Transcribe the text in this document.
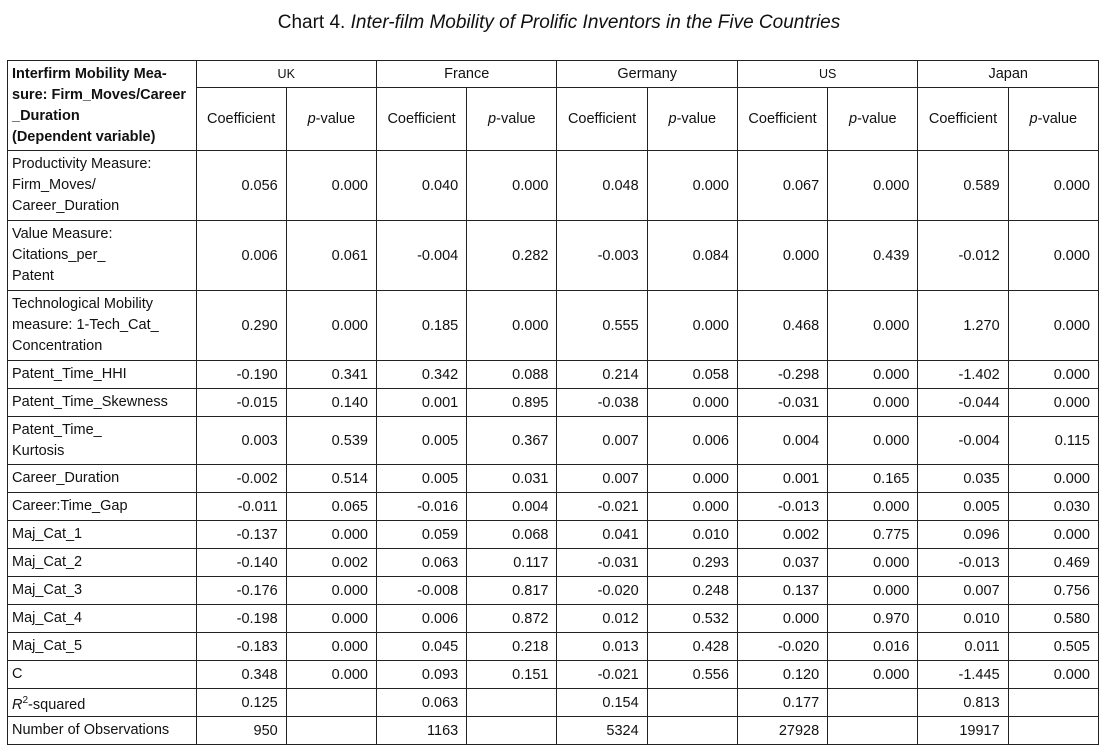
Chart 4. Inter-film Mobility of Prolific Inventors in the Five Countries
Interfirm Mobility Mea-
sure: Firm_Moves/Career
_Duration
(Dependent variable)	UK		France		Germany		US		Japan	
	Coefficient	p-value	Coefficient	p-value	Coefficient	p-value	Coefficient	p-value	Coefficient	p-value

Productivity Measure:
Firm_Moves/
Career_Duration	0.056	0.000	0.040	0.000	0.048	0.000	0.067	0.000	0.589	0.000

Value Measure:
Citations_per_
Patent	0.006	0.061	-0.004	0.282	-0.003	0.084	0.000	0.439	-0.012	0.000

Technological Mobility
measure: 1-Tech_Cat_
Concentration	0.290	0.000	0.185	0.000	0.555	0.000	0.468	0.000	1.270	0.000

Patent_Time_HHI	-0.190	0.341	0.342	0.088	0.214	0.058	-0.298	0.000	-1.402	0.000

Patent_Time_Skewness	-0.015	0.140	0.001	0.895	-0.038	0.000	-0.031	0.000	-0.044	0.000

Patent_Time_
Kurtosis	0.003	0.539	0.005	0.367	0.007	0.006	0.004	0.000	-0.004	0.115

Career_Duration	-0.002	0.514	0.005	0.031	0.007	0.000	0.001	0.165	0.035	0.000

Career:Time_Gap	-0.011	0.065	-0.016	0.004	-0.021	0.000	-0.013	0.000	0.005	0.030

Maj_Cat_1	-0.137	0.000	0.059	0.068	0.041	0.010	0.002	0.775	0.096	0.000

Maj_Cat_2	-0.140	0.002	0.063	0.117	-0.031	0.293	0.037	0.000	-0.013	0.469

Maj_Cat_3	-0.176	0.000	-0.008	0.817	-0.020	0.248	0.137	0.000	0.007	0.756

Maj_Cat_4	-0.198	0.000	0.006	0.872	0.012	0.532	0.000	0.970	0.010	0.580

Maj_Cat_5	-0.183	0.000	0.045	0.218	0.013	0.428	-0.020	0.016	0.011	0.505

C	0.348	0.000	0.093	0.151	-0.021	0.556	0.120	0.000	-1.445	0.000
$R^2$-squared	0.125		0.063		0.154		0.177		0.813	
Number of Observations	950		1163		5324		27928		19917	
